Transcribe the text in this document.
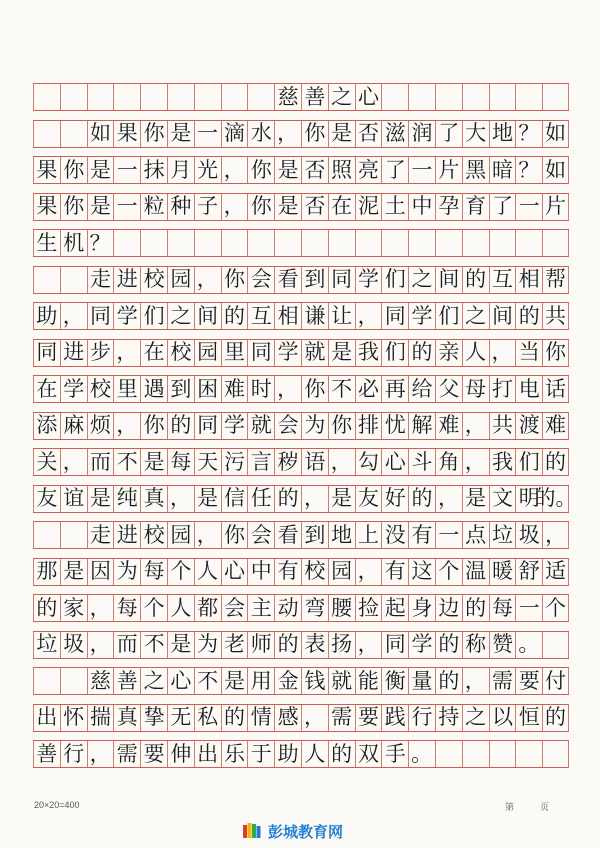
慈 善 之 心
如 果 你 是 一 滴 水 ， 你 是 否 滋 润 了 大 地 ？ 如
果 你 是 一 抹 月 光 ， 你 是 否 照 亮 了 一 片 黑 暗 ？ 如
果 你 是 一 粒 种 子 ， 你 是 否 在 泥 土 中 孕 育 了 一 片
生 机 ？
走 进 校 园 ， 你 会 看 到 同 学 们 之 间 的 互 相 帮
助 ， 同 学 们 之 间 的 互 相 谦 让 ， 同 学 们 之 间 的 共
同 进 步 ， 在 校 园 里 同 学 就 是 我 们 的 亲 人 ， 当 你
在 学 校 里 遇 到 困 难 时 ， 你 不 必 再 给 父 母 打 电 话
添 麻 烦 ， 你 的 同 学 就 会 为 你 排 忧 解 难 ， 共 渡 难
关 ， 而 不 是 每 天 污 言 秽 语 ， 勾 心 斗 角 ， 我 们 的
友 谊 是 纯 真 ， 是 信 任 的 ， 是 友 好 的 ， 是 文 明
的。
走 进 校 园 ， 你 会 看 到 地 上 没 有 一 点 垃 圾 ，
那 是 因 为 每 个 人 心 中 有 校 园 ， 有 这 个 温 暖 舒 适
的 家 ， 每 个 人 都 会 主 动 弯 腰 捡 起 身 边 的 每 一 个
垃 圾 ， 而 不 是 为 老 师 的 表 扬 ， 同 学 的 称 赞 。
慈 善 之 心 不 是 用 金 钱 就 能 衡 量 的 ， 需 要 付
出 怀 揣 真 挚 无 私 的 情 感 ， 需 要 践 行 持 之 以 恒 的
善 行 ， 需 要 伸 出 乐 于 助 人 的 双 手 。
20×20=400	第	页
彭城教育网
